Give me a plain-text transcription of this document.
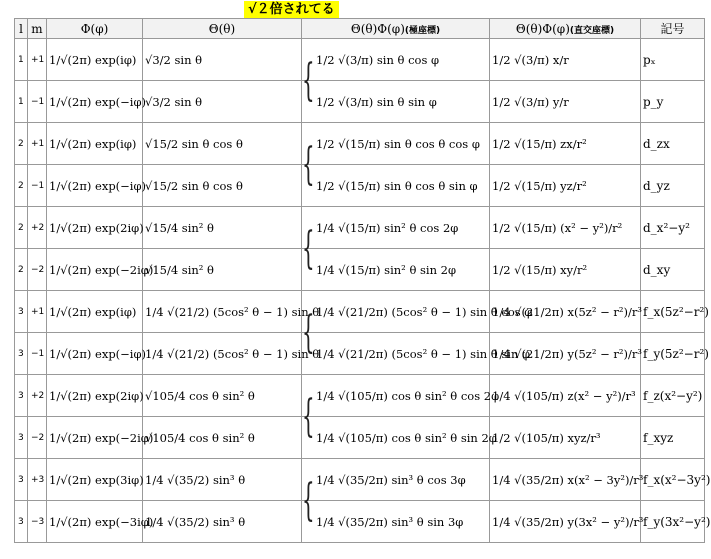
√２倍されてる
l	m	Φ(φ)	Θ(θ)	Θ(θ)Φ(φ)(極座標)	Θ(θ)Φ(φ)(直交座標)	記号
1	+1	1/√(2π) exp(iφ)	√3/2 sin θ	{ 1/2 √(3/π) sin θ cos φ	1/2 √(3/π) x/r	pₓ
1	−1	1/√(2π) exp(−iφ)	√3/2 sin θ	1/2 √(3/π) sin θ sin φ	1/2 √(3/π) y/r	p_y
2	+1	1/√(2π) exp(iφ)	√15/2 sin θ cos θ	{ 1/2 √(15/π) sin θ cos θ cos φ	1/2 √(15/π) zx/r²	d_zx
2	−1	1/√(2π) exp(−iφ)	√15/2 sin θ cos θ	1/2 √(15/π) sin θ cos θ sin φ	1/2 √(15/π) yz/r²	d_yz
2	+2	1/√(2π) exp(2iφ)	√15/4 sin² θ	{ 1/4 √(15/π) sin² θ cos 2φ	1/2 √(15/π) (x² − y²)/r²	d_x²−y²
2	−2	1/√(2π) exp(−2iφ)	√15/4 sin² θ	1/4 √(15/π) sin² θ sin 2φ	1/2 √(15/π) xy/r²	d_xy
3	+1	1/√(2π) exp(iφ)	1/4 √(21/2) (5cos² θ − 1) sin θ	{ 1/4 √(21/2π) (5cos² θ − 1) sin θ cos φ	1/4 √(21/2π) x(5z² − r²)/r³	f_x(5z²−r²)
3	−1	1/√(2π) exp(−iφ)	1/4 √(21/2) (5cos² θ − 1) sin θ	1/4 √(21/2π) (5cos² θ − 1) sin θ sin φ	1/4 √(21/2π) y(5z² − r²)/r³	f_y(5z²−r²)
3	+2	1/√(2π) exp(2iφ)	√105/4 cos θ sin² θ	{ 1/4 √(105/π) cos θ sin² θ cos 2φ	1/4 √(105/π) z(x² − y²)/r³	f_z(x²−y²)
3	−2	1/√(2π) exp(−2iφ)	√105/4 cos θ sin² θ	1/4 √(105/π) cos θ sin² θ sin 2φ	1/2 √(105/π) xyz/r³	f_xyz
3	+3	1/√(2π) exp(3iφ)	1/4 √(35/2) sin³ θ	{ 1/4 √(35/2π) sin³ θ cos 3φ	1/4 √(35/2π) x(x² − 3y²)/r³	f_x(x²−3y²)
3	−3	1/√(2π) exp(−3iφ)	1/4 √(35/2) sin³ θ	1/4 √(35/2π) sin³ θ sin 3φ	1/4 √(35/2π) y(3x² − y²)/r³	f_y(3x²−y²)
